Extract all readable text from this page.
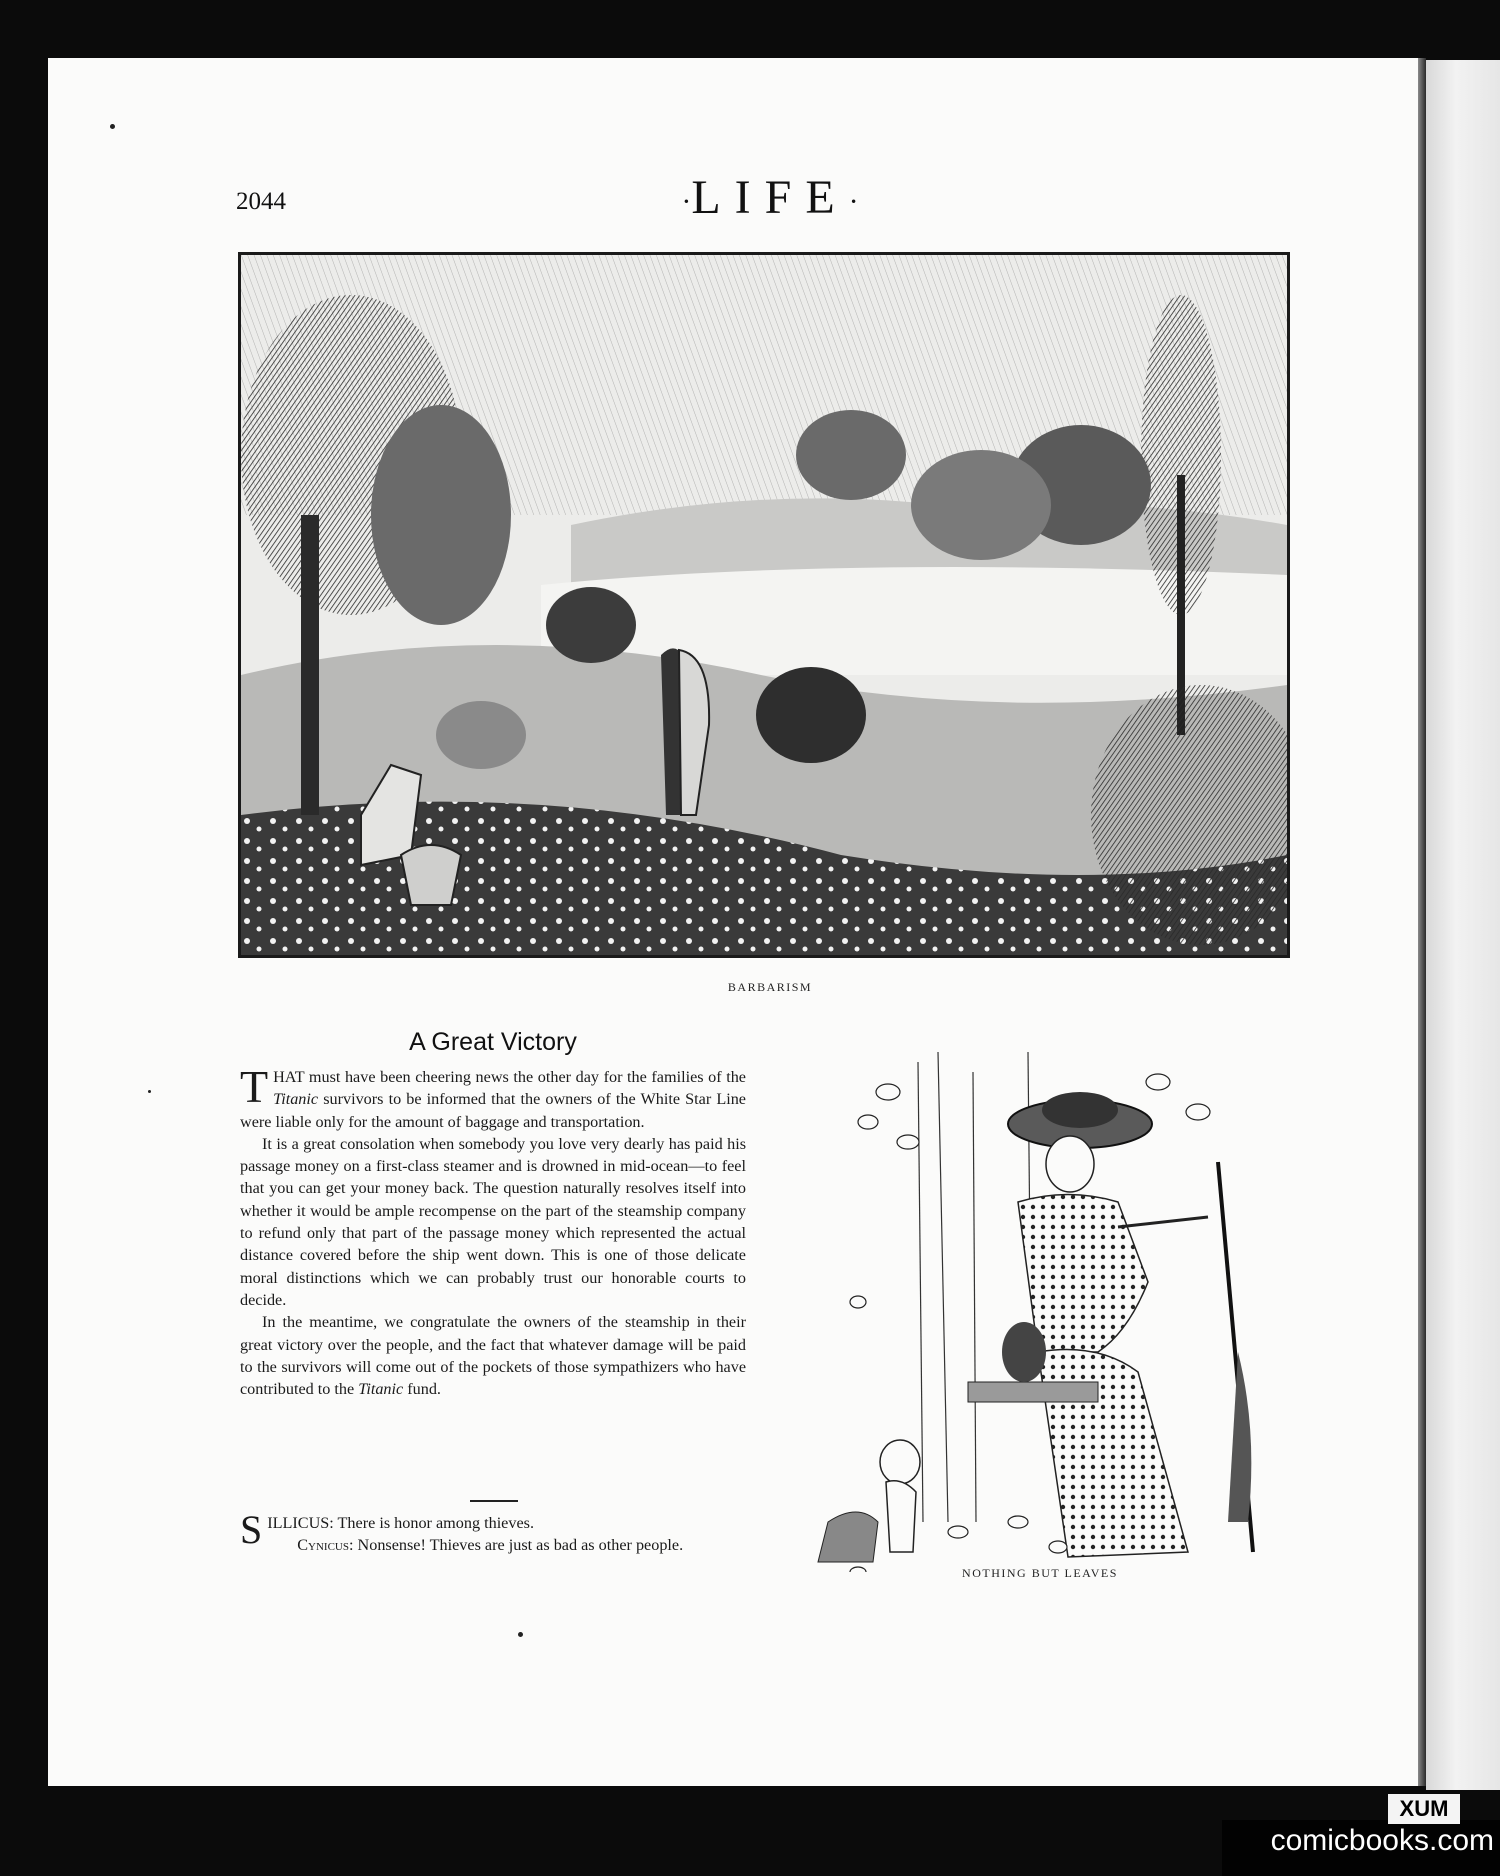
2044	·LIFE·
BARBARISM
A Great Victory

THAT must have been cheering news the other day for the families of the Titanic survivors to be informed that the owners of the White Star Line were liable only for the amount of baggage and transportation.

It is a great consolation when somebody you love very dearly has paid his passage money on a first-class steamer and is drowned in mid-ocean—to feel that you can get your money back. The question naturally resolves itself into whether it would be ample recompense on the part of the steamship company to refund only that part of the passage money which represented the actual distance covered before the ship went down. This is one of those delicate moral distinctions which we can probably trust our honorable courts to decide.

In the meantime, we congratulate the owners of the steamship in their great victory over the people, and the fact that whatever damage will be paid to the survivors will come out of the pockets of those sympathizers who have contributed to the Titanic fund.

SILLICUS: There is honor among thieves.

Cynicus: Nonsense! Thieves are just as bad as other people.

NOTHING BUT LEAVES
XUM
comicbooks.com
